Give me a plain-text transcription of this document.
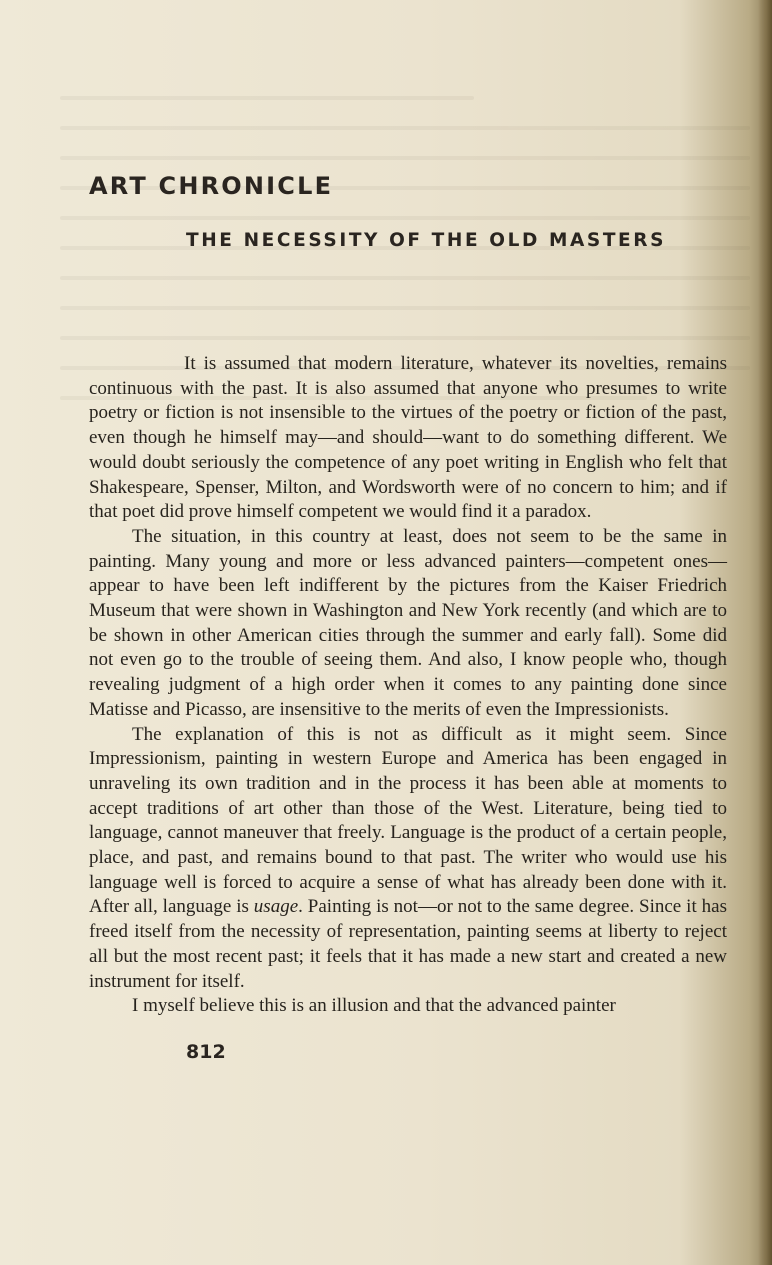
ART CHRONICLE
THE NECESSITY OF THE OLD MASTERS

It is assumed that modern literature, whatever its novelties, remains continuous with the past. It is also assumed that anyone who presumes to write poetry or fiction is not insensible to the virtues of the poetry or fiction of the past, even though he himself may—and should—want to do something different. We would doubt seriously the competence of any poet writing in English who felt that Shakespeare, Spenser, Milton, and Wordsworth were of no concern to him; and if that poet did prove himself competent we would find it a paradox.

The situation, in this country at least, does not seem to be the same in painting. Many young and more or less advanced painters—competent ones—appear to have been left indifferent by the pictures from the Kaiser Friedrich Museum that were shown in Washington and New York recently (and which are to be shown in other American cities through the summer and early fall). Some did not even go to the trouble of seeing them. And also, I know people who, though revealing judgment of a high order when it comes to any painting done since Matisse and Picasso, are insensitive to the merits of even the Impressionists.

The explanation of this is not as difficult as it might seem. Since Impressionism, painting in western Europe and America has been engaged in unraveling its own tradition and in the process it has been able at moments to accept traditions of art other than those of the West. Literature, being tied to language, cannot maneuver that freely. Language is the product of a certain people, place, and past, and remains bound to that past. The writer who would use his language well is forced to acquire a sense of what has already been done with it. After all, language is usage. Painting is not—or not to the same degree. Since it has freed itself from the necessity of representation, painting seems at liberty to reject all but the most recent past; it feels that it has made a new start and created a new instrument for itself.

I myself believe this is an illusion and that the advanced painter

812
